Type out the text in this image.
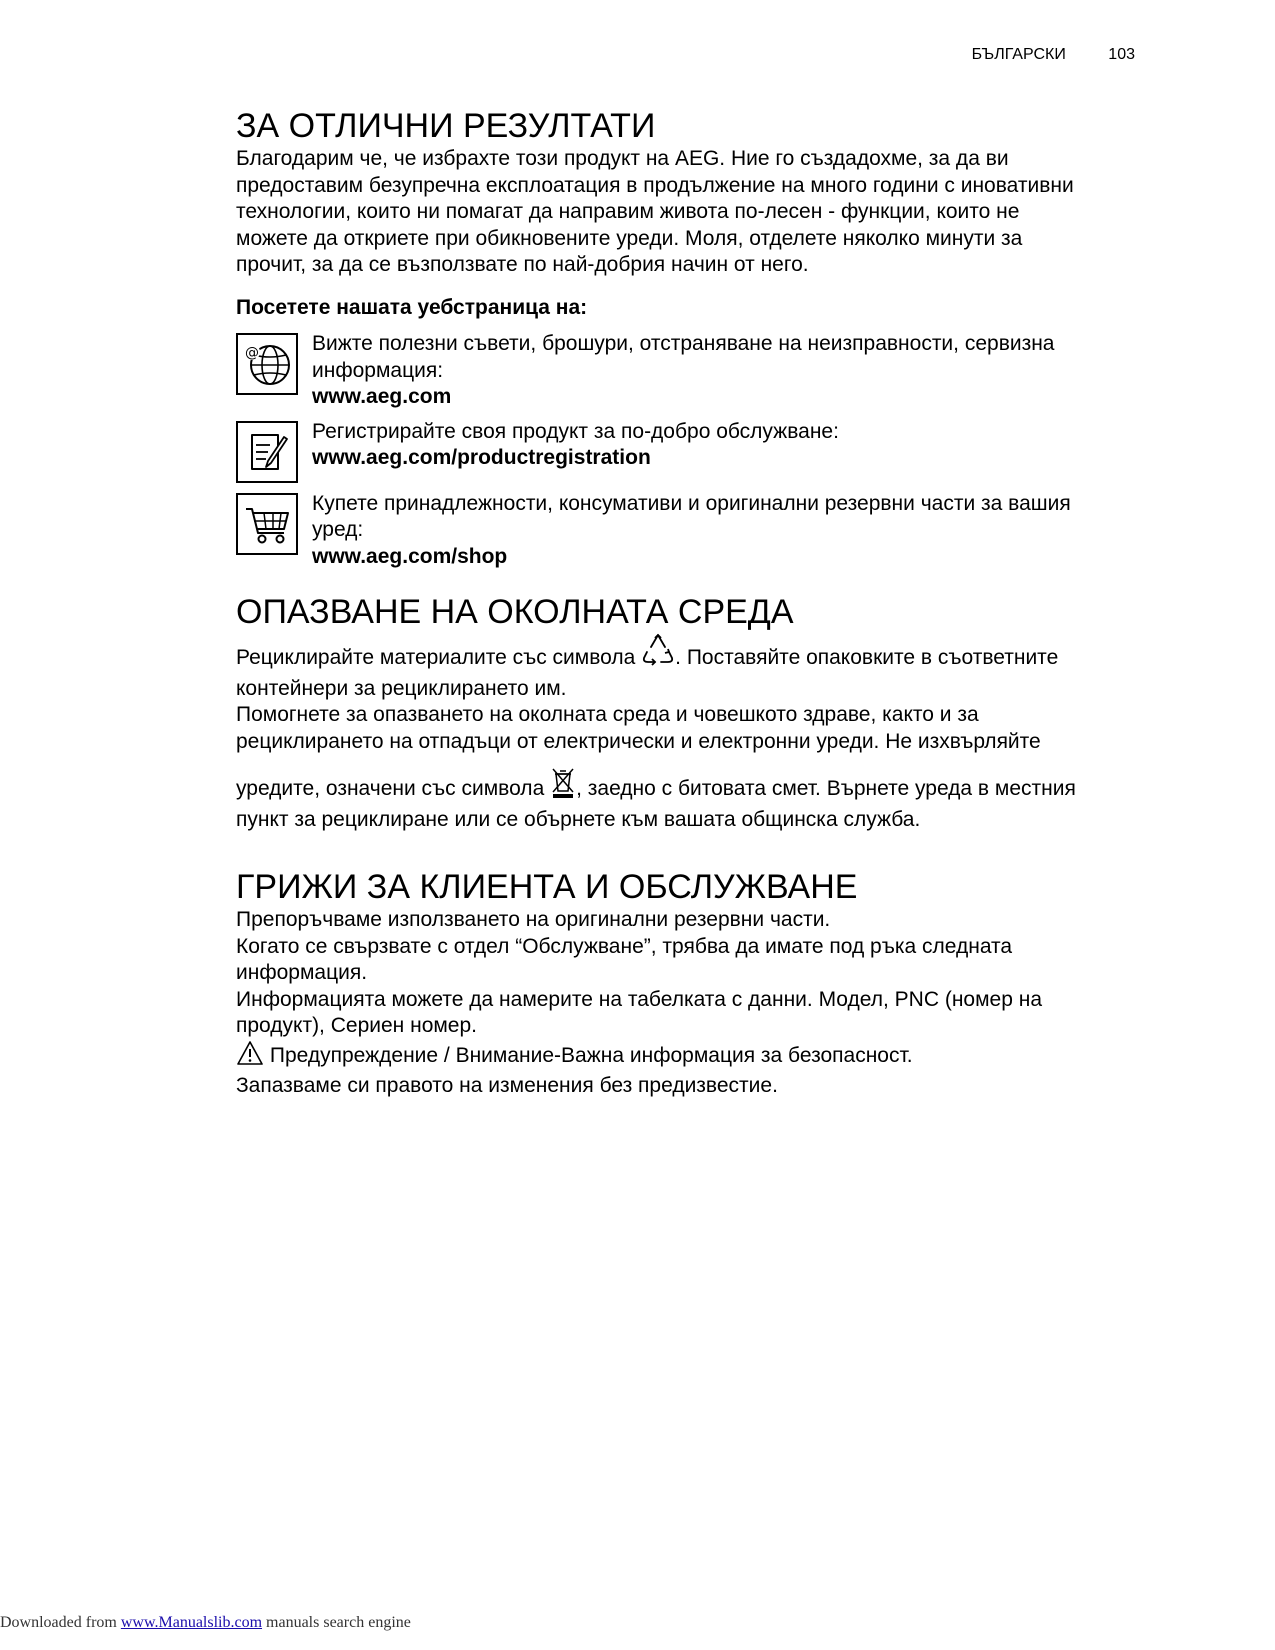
БЪЛГАРСКИ	103
ЗА ОТЛИЧНИ РЕЗУЛТАТИ

Благодарим че, че избрахте този продукт на AEG. Ние го създадохме, за да ви
предоставим безупречна експлоатация в продължение на много години с иновативни
технологии, които ни помагат да направим живота по-лесен - функции, които не
можете да откриете при обикновените уреди. Моля, отделете няколко минути за
прочит, за да се възползвате по най-добрия начин от него.

Посетете нашата уебстраница на:

@	Вижте полезни съвети, брошури, отстраняване на неизправности, сервизна
информация:
www.aeg.com
Регистрирайте своя продукт за по-добро обслужване:
www.aeg.com/productregistration
Купете принадлежности, консумативи и оригинални резервни части за вашия
уред:
www.aeg.com/shop
ОПАЗВАНЕ НА ОКОЛНАТА СРЕДА

Рециклирайте материалите със символа . Поставяйте опаковките в съответните
контейнери за рециклирането им.
Помогнете за опазването на околната среда и човешкото здраве, както и за
рециклирането на отпадъци от електрически и електронни уреди. Не изхвърляйте

уредите, означени със символа , заедно с битовата смет. Върнете уреда в местния
пункт за рециклиране или се обърнете към вашата общинска служба.

ГРИЖИ ЗА КЛИЕНТА И ОБСЛУЖВАНЕ

Препоръчваме използването на оригинални резервни части.
Когато се свързвате с отдел “Обслужване”, трябва да имате под ръка следната
информация.
Информацията можете да намерите на табелката с данни. Модел, PNC (номер на
продукт), Сериен номер.
Предупреждение / Внимание-Важна информация за безопасност.
Запазваме си правото на изменения без предизвестие.

Downloaded from www.Manualslib.com manuals search engine
